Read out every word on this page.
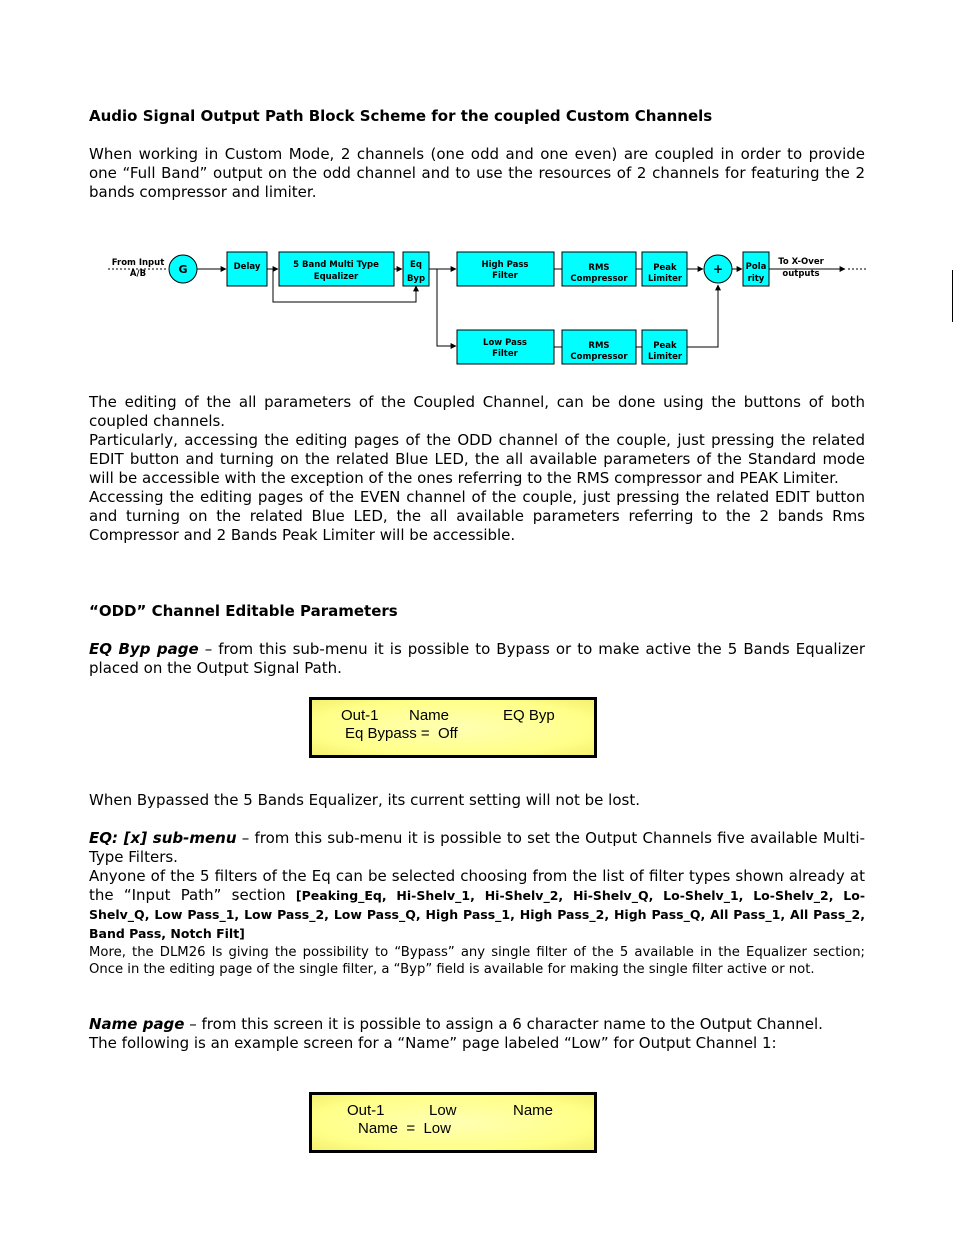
Audio Signal Output Path Block Scheme for the coupled Custom Channels
When working in Custom Mode, 2 channels (one odd and one even) are coupled in order to provide one “Full Band” output on the odd channel and to use the resources of 2 channels for featuring the 2 bands compressor and limiter.
From Input
A/B	G	Delay	5 Band Multi Type
Equalizer
Eq
Byp
High Pass
Filter
RMS
Compressor
Peak
Limiter
Low Pass
Filter
RMS
Compressor
Peak
Limiter
+	Pola
rity
To X-Over
outputs

The editing of the all parameters of the Coupled Channel, can be done using the buttons of both coupled channels.

Particularly, accessing the editing pages of the ODD channel of the couple, just pressing the related EDIT button and turning on the related Blue LED, the all available parameters of the Standard mode will be accessible with the exception of the ones referring to the RMS compressor and PEAK Limiter.

Accessing the editing pages of the EVEN channel of the couple, just pressing the related EDIT button and turning on the related Blue LED, the all available parameters referring to the 2 bands Rms Compressor and 2 Bands Peak Limiter will be accessible.

“ODD” Channel Editable Parameters
EQ Byp page – from this sub-menu it is possible to Bypass or to make active the 5 Bands Equalizer placed on the Output Signal Path.
Out-1 Name	EQ Byp
Eq Bypass =  Off
When Bypassed the 5 Bands Equalizer, its current setting will not be lost.

EQ: [x] sub-menu – from this sub-menu it is possible to set the Output Channels five available Multi-Type Filters.

Anyone of the 5 filters of the Eq can be selected choosing from the list of filter types shown already at the “Input Path” section [Peaking_Eq, Hi-Shelv_1, Hi-Shelv_2, Hi-Shelv_Q, Lo-Shelv_1, Lo-Shelv_2, Lo-Shelv_Q, Low Pass_1, Low Pass_2, Low Pass_Q, High Pass_1, High Pass_2, High Pass_Q, All Pass_1, All Pass_2, Band Pass, Notch Filt]

More, the DLM26 Is giving the possibility to “Bypass” any single filter of the 5 available in the Equalizer section; Once in the editing page of the single filter, a “Byp” field is available for making the single filter active or not.

Name page – from this screen it is possible to assign a 6 character name to the Output Channel.

The following is an example screen for a “Name” page labeled “Low” for Output Channel 1:

Out-1	Low	Name
Name  =  Low
